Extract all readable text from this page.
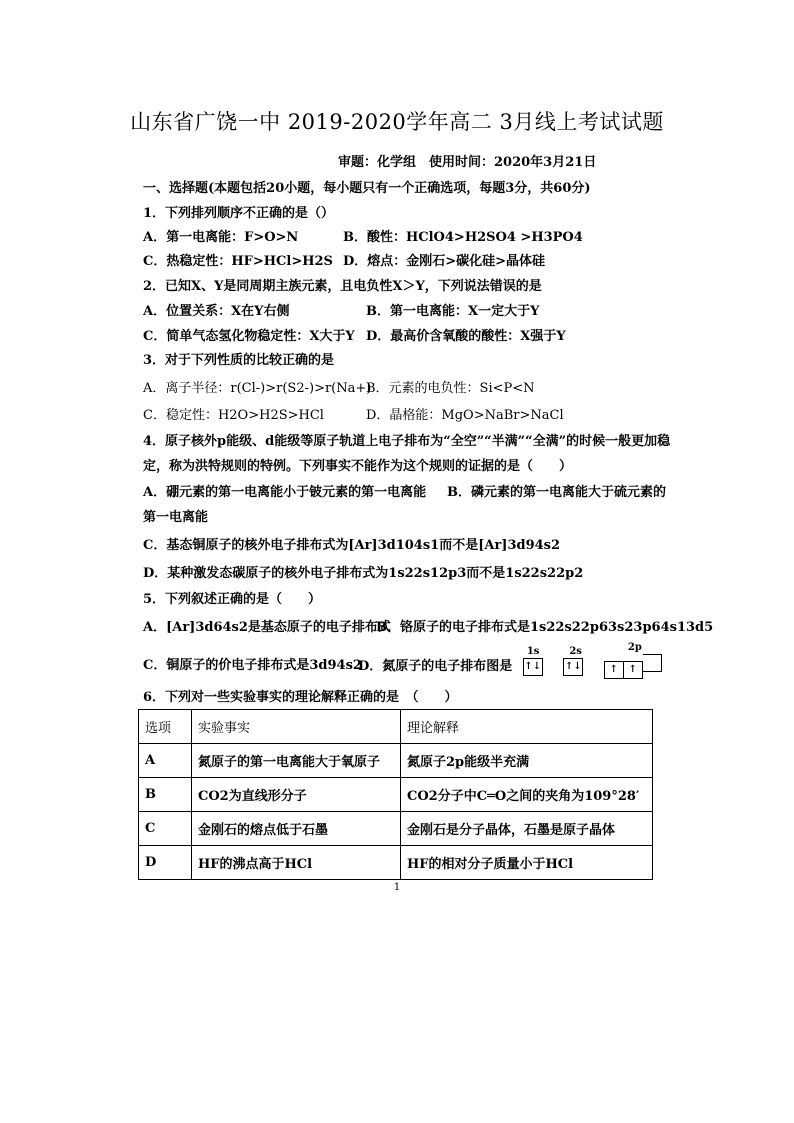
山东省广饶一中 2019-2020学年高二 3月线上考试试题
审题：化学组　使用时间：2020年3月21日
一、选择题(本题包括20小题，每小题只有一个正确选项，每题3分，共60分)
1．下列排列顺序不正确的是（）
A．第一电离能：F>O>N	B．酸性：HClO4>H2SO4 >H3PO4
C．热稳定性：HF>HCl>H2S D．熔点：金刚石>碳化硅>晶体硅
2．已知X、Y是同周期主族元素，且电负性X＞Y，下列说法错误的是
A．位置关系：X在Y右侧	B．第一电离能：X一定大于Y
C．简单气态氢化物稳定性：X大于Y D．最高价含氧酸的酸性：X强于Y
3．对于下列性质的比较正确的是
A．离子半径：r(Cl-)>r(S2-)>r(Na+)
B．元素的电负性：Si<P<N
C．稳定性：H2O>H2S>HCl	D．晶格能：MgO>NaBr>NaCl
4．原子核外p能级、d能级等原子轨道上电子排布为“全空”“半满”“全满”的时候一般更加稳
定，称为洪特规则的特例。下列事实不能作为这个规则的证据的是（　　）
A．硼元素的第一电离能小于铍元素的第一电离能 B．磷元素的第一电离能大于硫元素的
第一电离能
C．基态铜原子的核外电子排布式为[Ar]3d104s1而不是[Ar]3d94s2
D．某种激发态碳原子的核外电子排布式为1s22s12p3而不是1s22s22p2
5．下列叙述正确的是（　　）
A．[Ar]3d64s2是基态原子的电子排布式
B．铬原子的电子排布式是1s22s22p63s23p64s13d5
C．铜原子的价电子排布式是3d94s2
D．氮原子的电子排布图是
1s
↑↓
2s
↑↓
2p
↑ ↑
6．下列对一些实验事实的理论解释正确的是　（　　）
选项	实验事实	理论解释
A	氮原子的第一电离能大于氧原子	氮原子2p能级半充满
B	CO2为直线形分子	CO2分子中C═O之间的夹角为109°28′
C	金刚石的熔点低于石墨	金刚石是分子晶体，石墨是原子晶体
D	HF的沸点高于HCl	HF的相对分子质量小于HCl
1
